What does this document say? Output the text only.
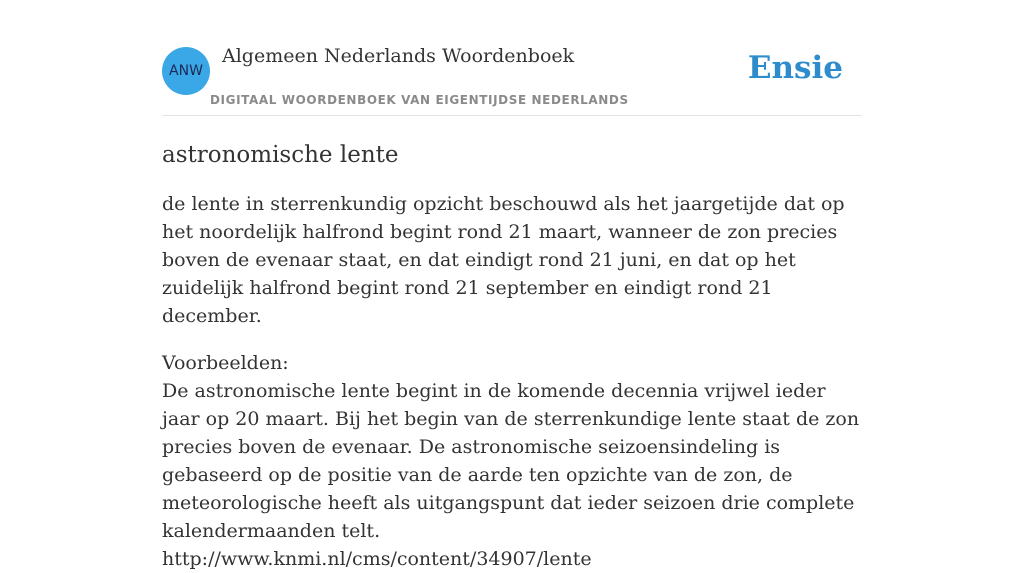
ANW
Algemeen Nederlands Woordenboek
DIGITAAL WOORDENBOEK VAN EIGENTIJDSE NEDERLANDS
Ensie
astronomische lente

de lente in sterrenkundig opzicht beschouwd als het jaargetijde dat op het noordelijk halfrond begint rond 21 maart, wanneer de zon precies boven de evenaar staat, en dat eindigt rond 21 juni, en dat op het zuidelijk halfrond begint rond 21 september en eindigt rond 21 december.

Voorbeelden:
De astronomische lente begint in de komende decennia vrijwel ieder jaar op 20 maart. Bij het begin van de sterrenkundige lente staat de zon precies boven de evenaar. De astronomische seizoensindeling is gebaseerd op de positie van de aarde ten opzichte van de zon, de meteorologische heeft als uitgangspunt dat ieder seizoen drie complete kalendermaanden telt.
http://www.knmi.nl/cms/content/34907/lente
